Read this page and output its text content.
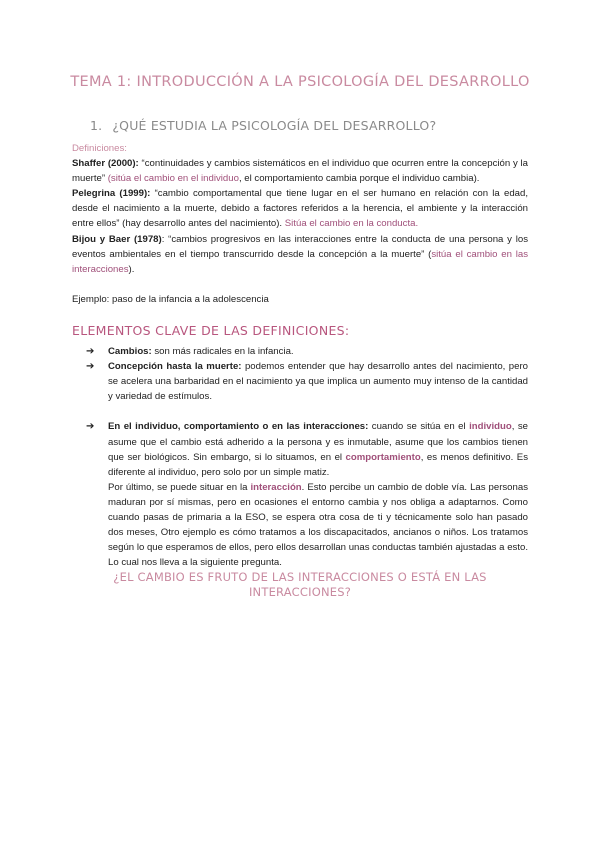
TEMA 1: INTRODUCCIÓN A LA PSICOLOGÍA DEL DESARROLLO
1. ¿QUÉ ESTUDIA LA PSICOLOGÍA DEL DESARROLLO?

Definiciones:

Shaffer (2000): “continuidades y cambios sistemáticos en el individuo que ocurren entre la concepción y la muerte” (sitúa el cambio en el individuo, el comportamiento cambia porque el individuo cambia).

Pelegrina (1999): “cambio comportamental que tiene lugar en el ser humano en relación con la edad, desde el nacimiento a la muerte, debido a factores referidos a la herencia, el ambiente y la interacción entre ellos” (hay desarrollo antes del nacimiento). Sitúa el cambio en la conducta.

Bijou y Baer (1978): “cambios progresivos en las interacciones entre la conducta de una persona y los eventos ambientales en el tiempo transcurrido desde la concepción a la muerte” (sitúa el cambio en las interacciones).

Ejemplo: paso de la infancia a la adolescencia

ELEMENTOS CLAVE DE LAS DEFINICIONES:
➔ Cambios: son más radicales en la infancia.
➔ Concepción hasta la muerte: podemos entender que hay desarrollo antes del nacimiento, pero se acelera una barbaridad en el nacimiento ya que implica un aumento muy intenso de la cantidad y variedad de estímulos.
➔ En el individuo, comportamiento o en las interacciones: cuando se sitúa en el individuo, se asume que el cambio está adherido a la persona y es inmutable, asume que los cambios tienen que ser biológicos. Sin embargo, si lo situamos, en el comportamiento, es menos definitivo. Es diferente al individuo, pero solo por un simple matiz.
Por último, se puede situar en la interacción. Esto percibe un cambio de doble vía. Las personas maduran por sí mismas, pero en ocasiones el entorno cambia y nos obliga a adaptarnos. Como cuando pasas de primaria a la ESO, se espera otra cosa de ti y técnicamente solo han pasado dos meses, Otro ejemplo es cómo tratamos a los discapacitados, ancianos o niños. Los tratamos según lo que esperamos de ellos, pero ellos desarrollan unas conductas también ajustadas a esto. Lo cual nos lleva a la siguiente pregunta.

¿EL CAMBIO ES FRUTO DE LAS INTERACCIONES O ESTÁ EN LAS INTERACCIONES?
